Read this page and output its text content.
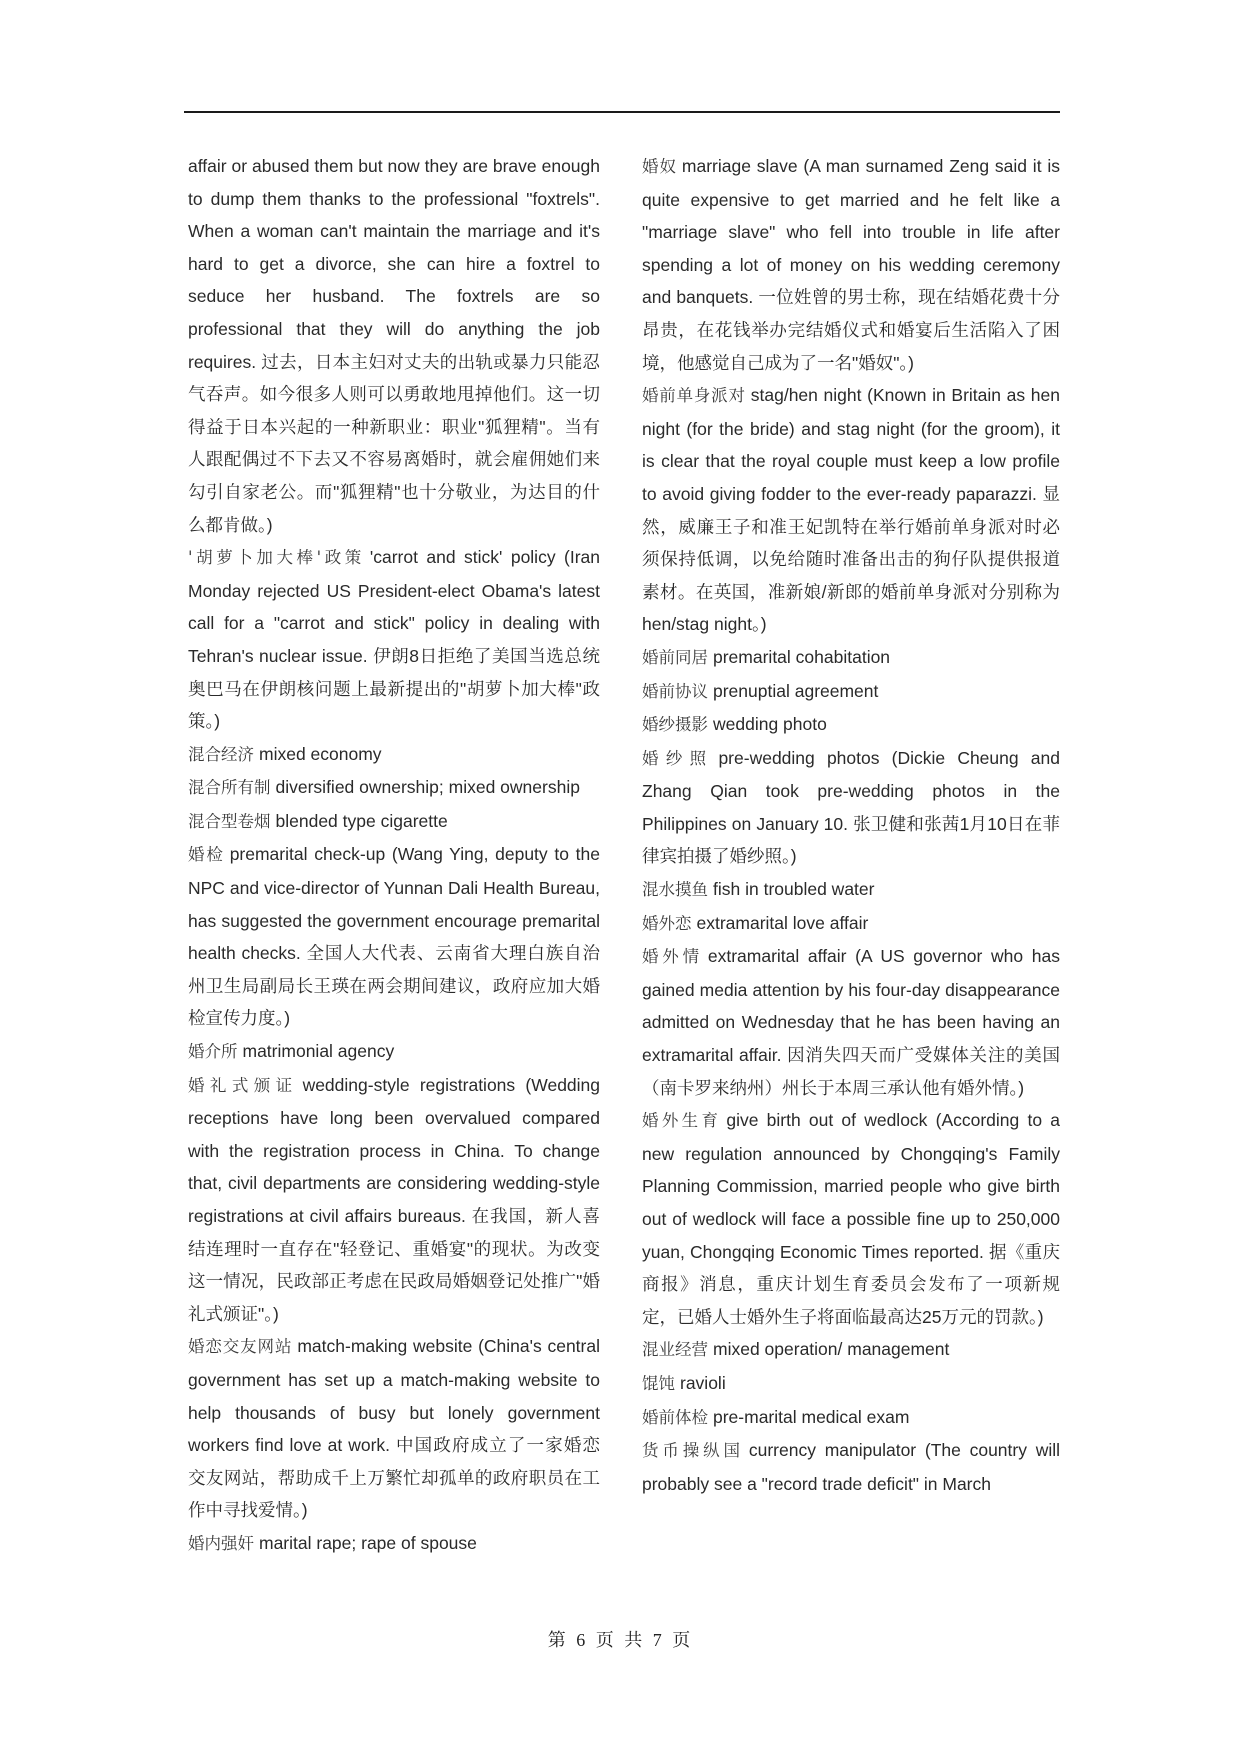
affair or abused them but now they are brave enough to dump them thanks to the professional "foxtrels". When a woman can't maintain the marriage and it's hard to get a divorce, she can hire a foxtrel to seduce her husband. The foxtrels are so professional that they will do anything the job requires. 过去，日本主妇对丈夫的出轨或暴力只能忍气吞声。如今很多人则可以勇敢地甩掉他们。这一切得益于日本兴起的一种新职业：职业"狐狸精"。当有人跟配偶过不下去又不容易离婚时，就会雇佣她们来勾引自家老公。而"狐狸精"也十分敬业，为达目的什么都肯做。)

'胡萝卜加大棒'政策 'carrot and stick' policy (Iran Monday rejected US President-elect Obama's latest call for a "carrot and stick" policy in dealing with Tehran's nuclear issue. 伊朗8日拒绝了美国当选总统奥巴马在伊朗核问题上最新提出的"胡萝卜加大棒"政策。)

混合经济 mixed economy

混合所有制 diversified ownership; mixed ownership

混合型卷烟 blended type cigarette

婚检 premarital check-up (Wang Ying, deputy to the NPC and vice-director of Yunnan Dali Health Bureau, has suggested the government encourage premarital health checks. 全国人大代表、云南省大理白族自治州卫生局副局长王瑛在两会期间建议，政府应加大婚检宣传力度。)

婚介所 matrimonial agency

婚礼式颁证 wedding-style registrations (Wedding receptions have long been overvalued compared with the registration process in China. To change that, civil departments are considering wedding-style registrations at civil affairs bureaus. 在我国，新人喜结连理时一直存在"轻登记、重婚宴"的现状。为改变这一情况，民政部正考虑在民政局婚姻登记处推广"婚礼式颁证"。)

婚恋交友网站 match-making website (China's central government has set up a match-making website to help thousands of busy but lonely government workers find love at work. 中国政府成立了一家婚恋交友网站，帮助成千上万繁忙却孤单的政府职员在工作中寻找爱情。)

婚内强奸 marital rape; rape of spouse

婚奴 marriage slave (A man surnamed Zeng said it is quite expensive to get married and he felt like a "marriage slave" who fell into trouble in life after spending a lot of money on his wedding ceremony and banquets. 一位姓曾的男士称，现在结婚花费十分昂贵，在花钱举办完结婚仪式和婚宴后生活陷入了困境，他感觉自己成为了一名"婚奴"。)

婚前单身派对 stag/hen night (Known in Britain as hen night (for the bride) and stag night (for the groom), it is clear that the royal couple must keep a low profile to avoid giving fodder to the ever-ready paparazzi. 显然，威廉王子和准王妃凯特在举行婚前单身派对时必须保持低调，以免给随时准备出击的狗仔队提供报道素材。在英国，准新娘/新郎的婚前单身派对分别称为hen/stag night。)

婚前同居 premarital cohabitation

婚前协议 prenuptial agreement

婚纱摄影 wedding photo

婚纱照 pre-wedding photos (Dickie Cheung and Zhang Qian took pre-wedding photos in the Philippines on January 10. 张卫健和张茜1月10日在菲律宾拍摄了婚纱照。)

混水摸鱼 fish in troubled water

婚外恋 extramarital love affair

婚外情 extramarital affair (A US governor who has gained media attention by his four-day disappearance admitted on Wednesday that he has been having an extramarital affair. 因消失四天而广受媒体关注的美国（南卡罗来纳州）州长于本周三承认他有婚外情。)

婚外生育 give birth out of wedlock (According to a new regulation announced by Chongqing's Family Planning Commission, married people who give birth out of wedlock will face a possible fine up to 250,000 yuan, Chongqing Economic Times reported. 据《重庆商报》消息，重庆计划生育委员会发布了一项新规定，已婚人士婚外生子将面临最高达25万元的罚款。)

混业经营 mixed operation/ management

馄饨 ravioli

婚前体检 pre-marital medical exam

货币操纵国 currency manipulator (The country will probably see a "record trade deficit" in March

第 6 页 共 7 页
